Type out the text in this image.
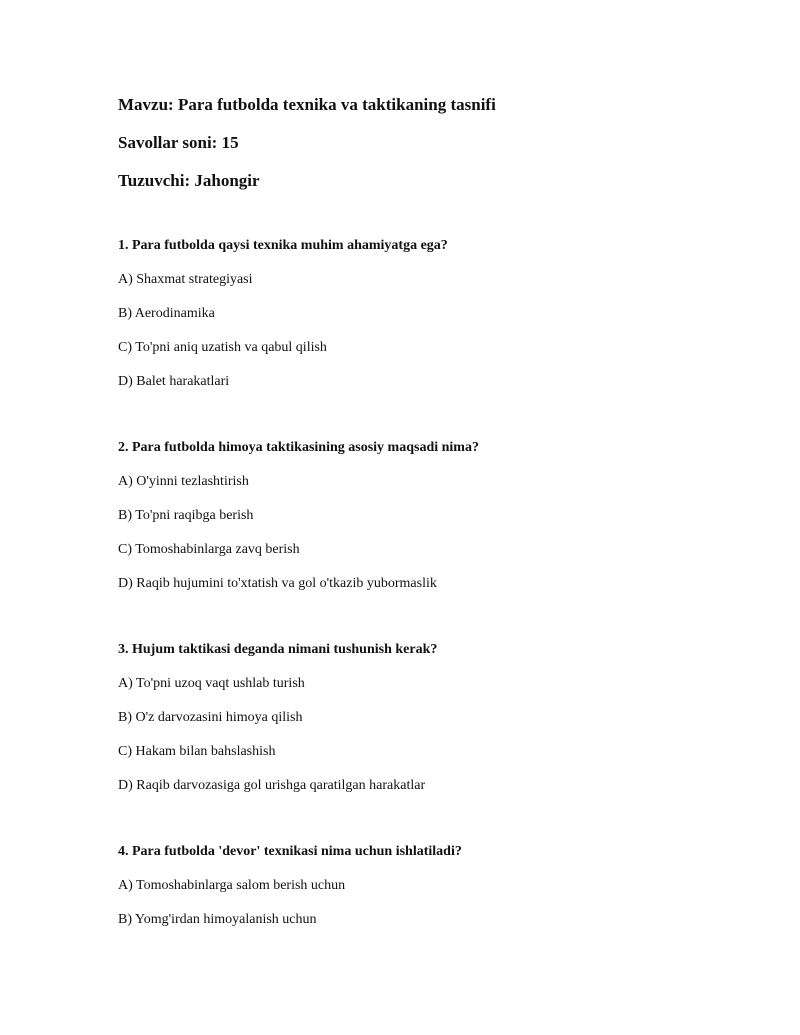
Mavzu: Para futbolda texnika va taktikaning tasnifi
Savollar soni: 15
Tuzuvchi: Jahongir
1. Para futbolda qaysi texnika muhim ahamiyatga ega?
A) Shaxmat strategiyasi
B) Aerodinamika
C) To'pni aniq uzatish va qabul qilish
D) Balet harakatlari
2. Para futbolda himoya taktikasining asosiy maqsadi nima?
A) O'yinni tezlashtirish
B) To'pni raqibga berish
C) Tomoshabinlarga zavq berish
D) Raqib hujumini to'xtatish va gol o'tkazib yubormaslik
3. Hujum taktikasi deganda nimani tushunish kerak?
A) To'pni uzoq vaqt ushlab turish
B) O'z darvozasini himoya qilish
C) Hakam bilan bahslashish
D) Raqib darvozasiga gol urishga qaratilgan harakatlar
4. Para futbolda 'devor' texnikasi nima uchun ishlatiladi?
A) Tomoshabinlarga salom berish uchun
B) Yomg'irdan himoyalanish uchun
